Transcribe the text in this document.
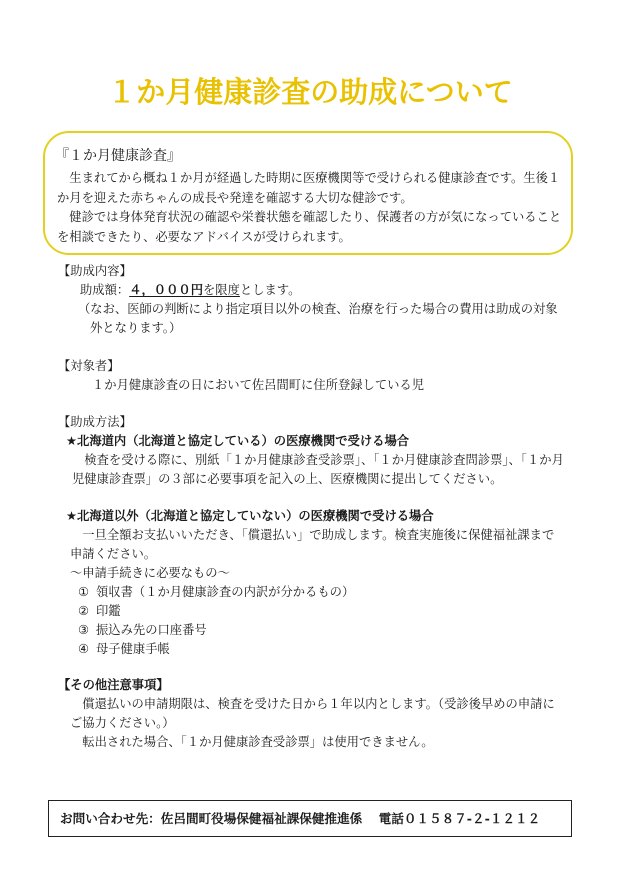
１か月健康診査の助成について
『１か月健康診査』
生まれてから概ね１か月が経過した時期に医療機関等で受けられる健康診査です。生後１
か月を迎えた赤ちゃんの成長や発達を確認する大切な健診です。
健診では身体発育状況の確認や栄養状態を確認したり、保護者の方が気になっていること
を相談できたり、必要なアドバイスが受けられます。
【助成内容】
助成額：４，０００円を限度とします。
（なお、医師の判断により指定項目以外の検査、治療を行った場合の費用は助成の対象
外となります。）
【対象者】
１か月健康診査の日において佐呂間町に住所登録している児
【助成方法】
★北海道内（北海道と協定している）の医療機関で受ける場合
検査を受ける際に、別紙「１か月健康診査受診票」、「１か月健康診査問診票」、「１か月
児健康診査票」の３部に必要事項を記入の上、医療機関に提出してください。
★北海道以外（北海道と協定していない）の医療機関で受ける場合
一旦全額お支払いいただき、「償還払い」で助成します。検査実施後に保健福祉課まで
申請ください。
～申請手続きに必要なもの～
① 領収書（１か月健康診査の内訳が分かるもの）
② 印鑑
③ 振込み先の口座番号
④ 母子健康手帳
【その他注意事項】
償還払いの申請期限は、検査を受けた日から１年以内とします。（受診後早めの申請に
ご協力ください。）
転出された場合、「１か月健康診査受診票」は使用できません。
お問い合わせ先：佐呂間町役場保健福祉課保健推進係 電話０１５８７-２-１２１２
